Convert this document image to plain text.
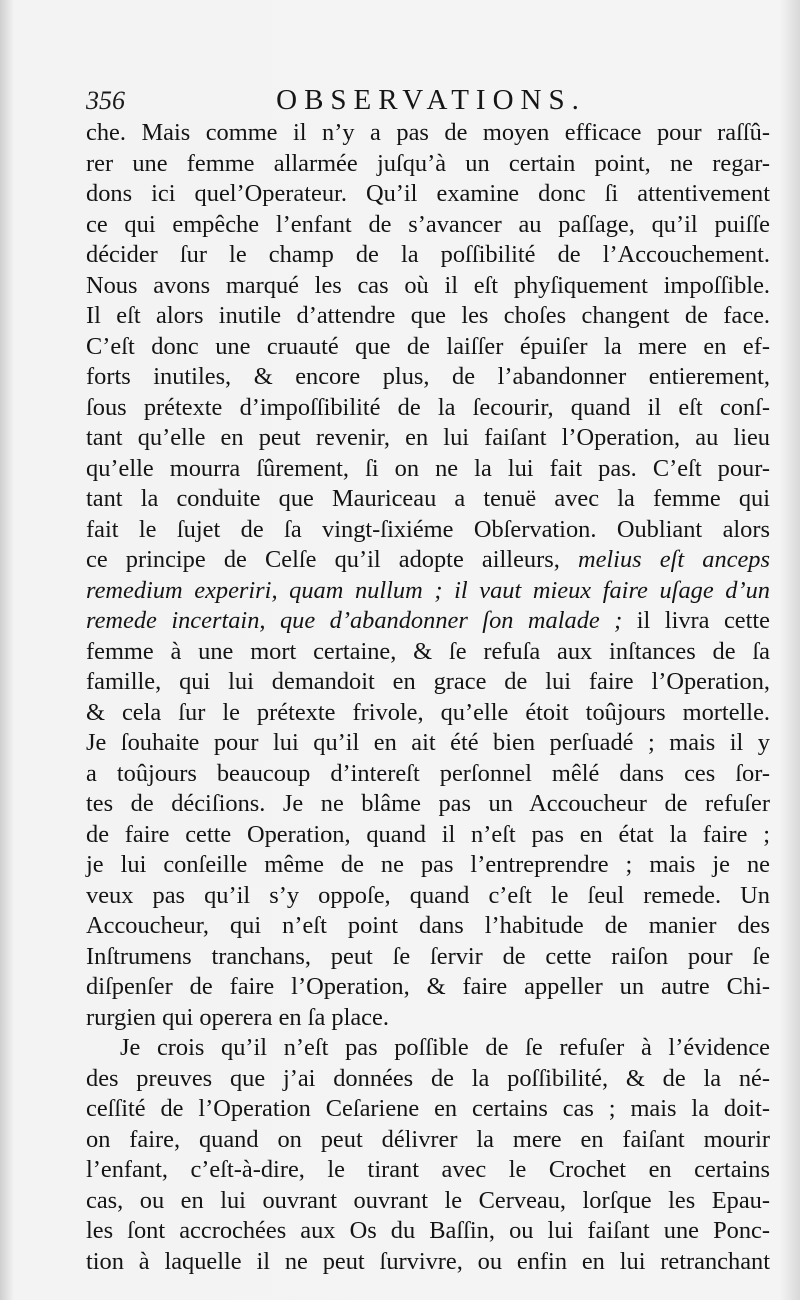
356	OBSERVATIONS.
che. Mais comme il n’y a pas de moyen efficace pour raſſû-
rer une femme allarmée juſqu’à un certain point, ne regar-
dons ici quel’Operateur. Qu’il examine donc ſi attentivement
ce qui empêche l’enfant de s’avancer au paſſage, qu’il puiſſe
décider ſur le champ de la poſſibilité de l’Accouchement.
Nous avons marqué les cas où il eſt phyſiquement impoſſible.
Il eſt alors inutile d’attendre que les choſes changent de face.
C’eſt donc une cruauté que de laiſſer épuiſer la mere en ef-
forts inutiles, & encore plus, de l’abandonner entierement,
ſous prétexte d’impoſſibilité de la ſecourir, quand il eſt conſ-
tant qu’elle en peut revenir, en lui faiſant l’Operation, au lieu
qu’elle mourra ſûrement, ſi on ne la lui fait pas. C’eſt pour-
tant la conduite que Mauriceau a tenuë avec la femme qui
fait le ſujet de ſa vingt-ſixiéme Obſervation. Oubliant alors
ce principe de Celſe qu’il adopte ailleurs, melius eſt anceps
remedium experiri, quam nullum ; il vaut mieux faire uſage d’un
remede incertain, que d’abandonner ſon malade ; il livra cette
femme à une mort certaine, & ſe refuſa aux inſtances de ſa
famille, qui lui demandoit en grace de lui faire l’Operation,
& cela ſur le prétexte frivole, qu’elle étoit toûjours mortelle.
Je ſouhaite pour lui qu’il en ait été bien perſuadé ; mais il y
a toûjours beaucoup d’intereſt perſonnel mêlé dans ces ſor-
tes de déciſions. Je ne blâme pas un Accoucheur de refuſer
de faire cette Operation, quand il n’eſt pas en état la faire ;
je lui conſeille même de ne pas l’entreprendre ; mais je ne
veux pas qu’il s’y oppoſe, quand c’eſt le ſeul remede. Un
Accoucheur, qui n’eſt point dans l’habitude de manier des
Inſtrumens tranchans, peut ſe ſervir de cette raiſon pour ſe
diſpenſer de faire l’Operation, & faire appeller un autre Chi-
rurgien qui operera en ſa place.
Je crois qu’il n’eſt pas poſſible de ſe refuſer à l’évidence
des preuves que j’ai données de la poſſibilité, & de la né-
ceſſité de l’Operation Ceſariene en certains cas ; mais la doit-
on faire, quand on peut délivrer la mere en faiſant mourir
l’enfant, c’eſt-à-dire, le tirant avec le Crochet en certains
cas, ou en lui ouvrant ouvrant le Cerveau, lorſque les Epau-
les ſont accrochées aux Os du Baſſin, ou lui faiſant une Ponc-
tion à laquelle il ne peut ſurvivre, ou enfin en lui retranchant
